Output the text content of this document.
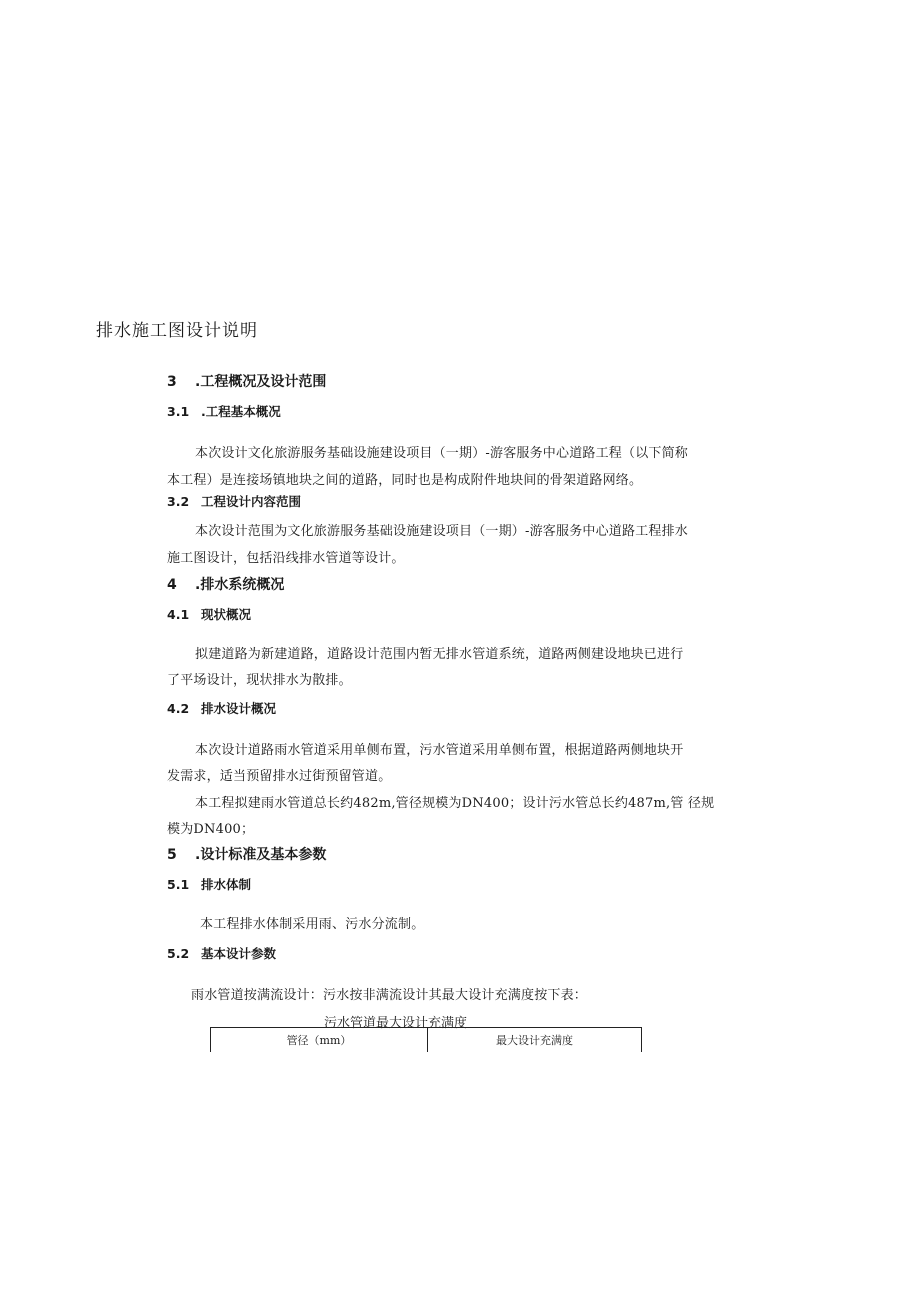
排水施工图设计说明
3 .工程概况及设计范围
3.1 .工程基本概况
本次设计文化旅游服务基础设施建设项目（一期）-游客服务中心道路工程（以下简称
本工程）是连接场镇地块之间的道路，同时也是构成附件地块间的骨架道路网络。
3.2 工程设计内容范围
本次设计范围为文化旅游服务基础设施建设项目（一期）-游客服务中心道路工程排水
施工图设计，包括沿线排水管道等设计。
4 .排水系统概况
4.1 现状概况
拟建道路为新建道路，道路设计范围内暂无排水管道系统，道路两侧建设地块已进行
了平场设计，现状排水为散排。
4.2 排水设计概况
本次设计道路雨水管道采用单侧布置，污水管道采用单侧布置，根据道路两侧地块开
发需求，适当预留排水过街预留管道。
本工程拟建雨水管道总长约482m,管径规模为DN400；设计污水管总长约487m,管 径规
模为DN400；
5 .设计标准及基本参数
5.1 排水体制
本工程排水体制采用雨、污水分流制。
5.2 基本设计参数
雨水管道按满流设计：污水按非满流设计其最大设计充满度按下表：
污水管道最大设计充满度
管径（mm）	最大设计充满度
